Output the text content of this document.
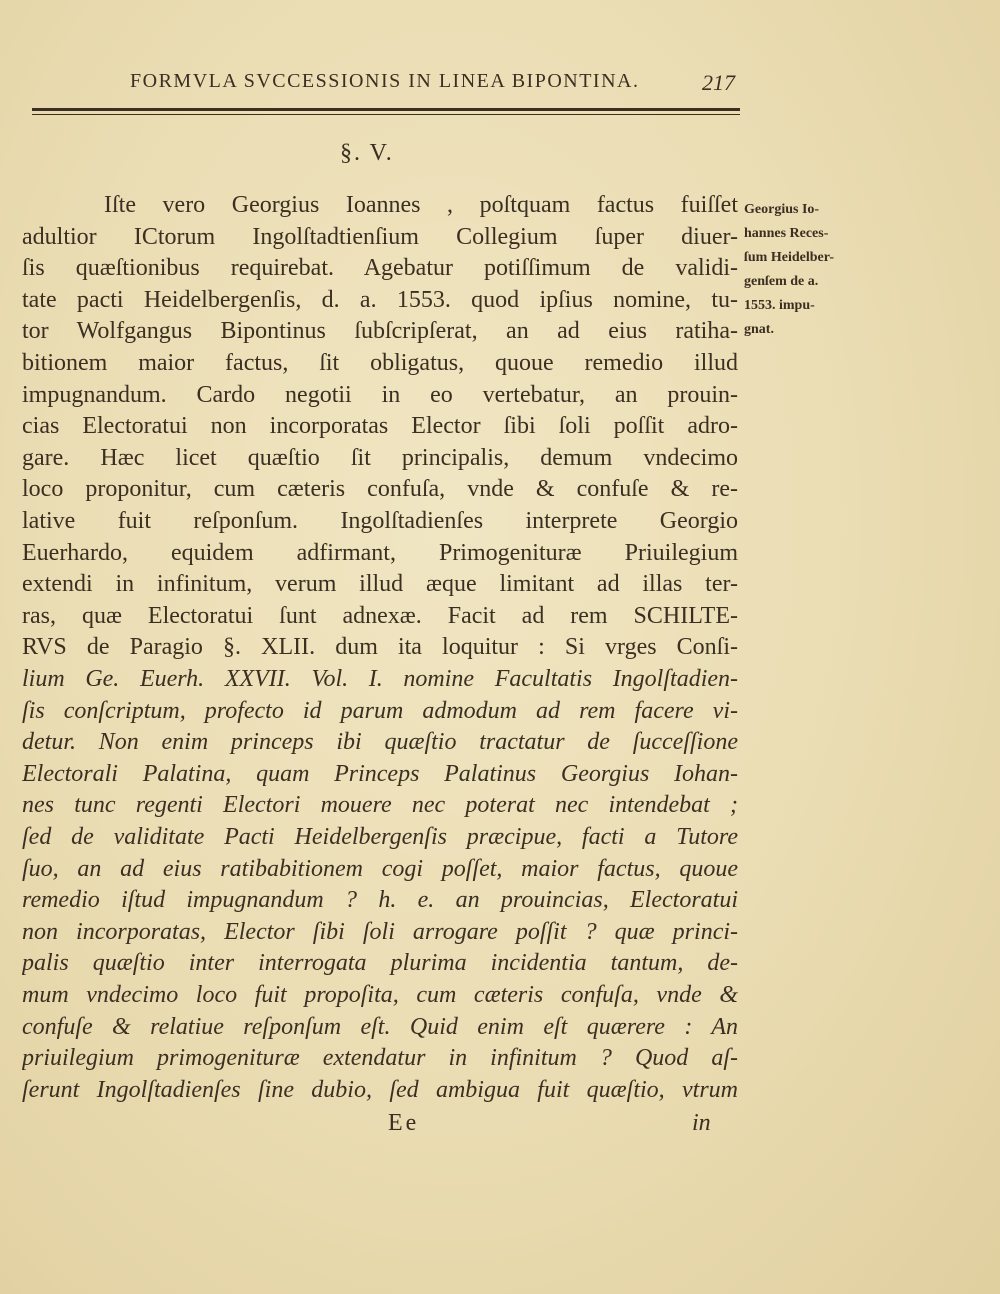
FORMVLA SVCCESSIONIS IN LINEA BIPONTINA.	217
§. V.
Iſte vero Georgius Ioannes , poſtquam factus fuiſſet
adultior ICtorum Ingolſtadtienſium Collegium ſuper diuer-
ſis quæſtionibus requirebat. Agebatur potiſſimum de validi-
tate pacti Heidelbergenſis, d. a. 1553. quod ipſius nomine, tu-
tor Wolfgangus Bipontinus ſubſcripſerat, an ad eius ratiha-
bitionem maior factus, ſit obligatus, quoue remedio illud
impugnandum. Cardo negotii in eo vertebatur, an prouin-
cias Electoratui non incorporatas Elector ſibi ſoli poſſit adro-
gare. Hæc licet quæſtio ſit principalis, demum vndecimo
loco proponitur, cum cæteris confuſa, vnde & confuſe & re-
lative fuit reſponſum. Ingolſtadienſes interprete Georgio
Euerhardo, equidem adfirmant, Primogenituræ Priuilegium
extendi in infinitum, verum illud æque limitant ad illas ter-
ras, quæ Electoratui ſunt adnexæ. Facit ad rem SCHILTE-
RVS de Paragio §. XLII. dum ita loquitur : Si vrges Conſi-
lium Ge. Euerh. XXVII. Vol. I. nomine Facultatis Ingolſtadien-
ſis conſcriptum, profecto id parum admodum ad rem facere vi-
detur. Non enim princeps ibi quæſtio tractatur de ſucceſſione
Electorali Palatina, quam Princeps Palatinus Georgius Iohan-
nes tunc regenti Electori mouere nec poterat nec intendebat ;
ſed de validitate Pacti Heidelbergenſis præcipue, facti a Tutore
ſuo, an ad eius ratibabitionem cogi poſſet, maior factus, quoue
remedio iſtud impugnandum ? h. e. an prouincias, Electoratui
non incorporatas, Elector ſibi ſoli arrogare poſſit ? quæ princi-
palis quæſtio inter interrogata plurima incidentia tantum, de-
mum vndecimo loco fuit propoſita, cum cæteris confuſa, vnde &
confuſe & relatiue reſponſum eſt. Quid enim eſt quærere : An
priuilegium primogenituræ extendatur in infinitum ? Quod aſ-
ſerunt Ingolſtadienſes ſine dubio, ſed ambigua fuit quæſtio, vtrum
Georgius Io-
hannes Reces-
ſum Heidelber-
genſem de a.
1553. impu-
gnat.
Ee	in
